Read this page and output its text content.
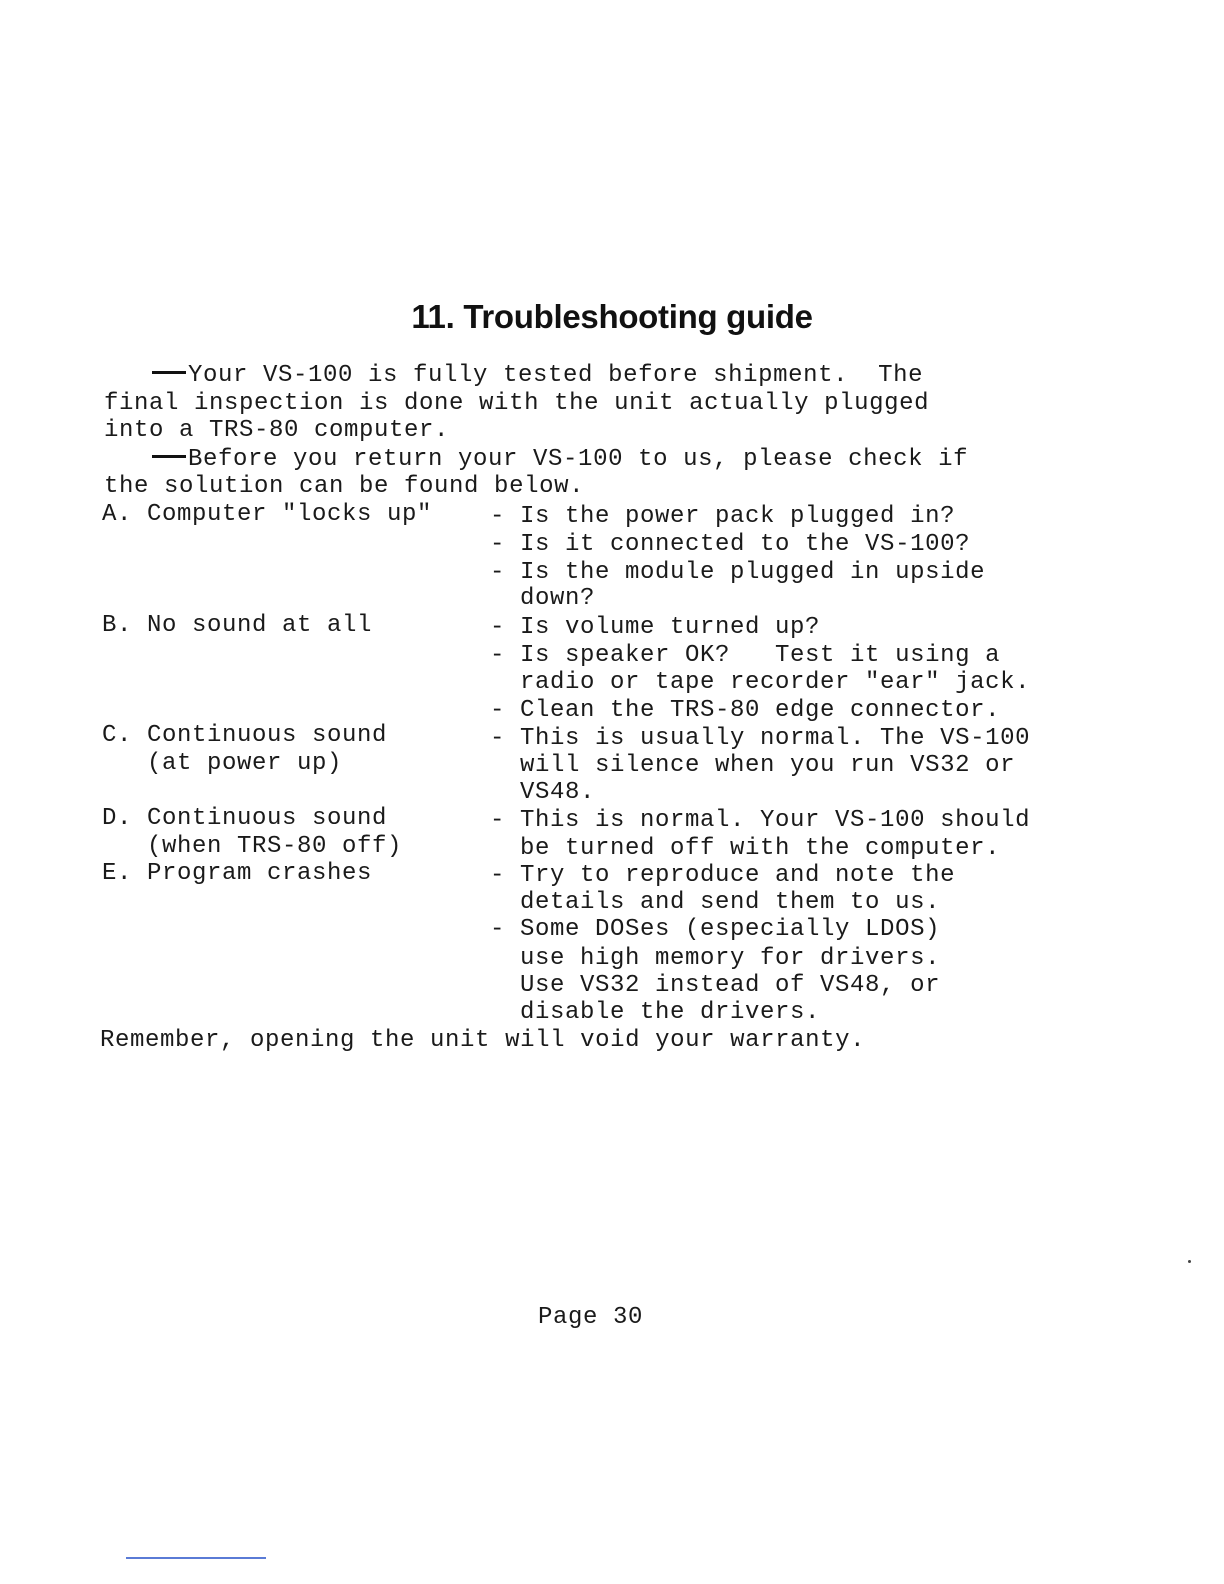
11. Troubleshooting guide
Your VS-100 is fully tested before shipment.  The
final inspection is done with the unit actually plugged
into a TRS-80 computer.
Before you return your VS-100 to us, please check if
the solution can be found below.
A. Computer "locks up" - Is the power pack plugged in?
- Is it connected to the VS-100?
- Is the module plugged in upside
down?
B. No sound at all	- Is volume turned up?
- Is speaker OK?   Test it using a
radio or tape recorder "ear" jack.
- Clean the TRS-80 edge connector.
C. Continuous sound
(at power up)
- This is usually normal. The VS-100
will silence when you run VS32 or
VS48.
D. Continuous sound
(when TRS-80 off)
- This is normal. Your VS-100 should
be turned off with the computer.
E. Program crashes	- Try to reproduce and note the
details and send them to us.
- Some DOSes (especially LDOS)
use high memory for drivers.
Use VS32 instead of VS48, or
disable the drivers.
Remember, opening the unit will void your warranty.
Page 30
